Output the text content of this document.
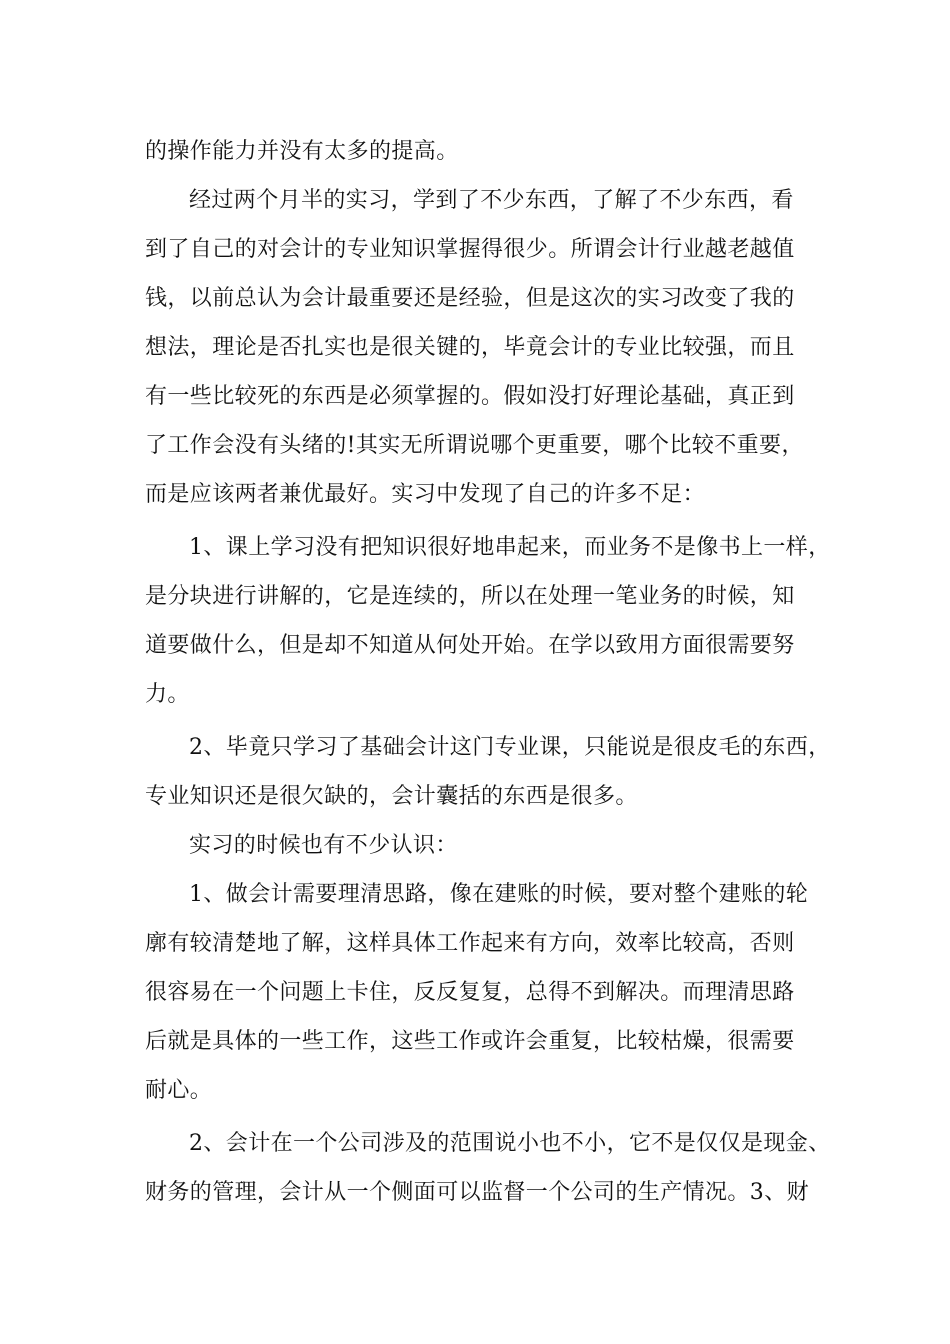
的操作能力并没有太多的提高。
经过两个月半的实习，学到了不少东西，了解了不少东西，看
到了自己的对会计的专业知识掌握得很少。所谓会计行业越老越值
钱，以前总认为会计最重要还是经验，但是这次的实习改变了我的
想法，理论是否扎实也是很关键的，毕竟会计的专业比较强，而且
有一些比较死的东西是必须掌握的。假如没打好理论基础，真正到
了工作会没有头绪的!其实无所谓说哪个更重要，哪个比较不重要，
而是应该两者兼优最好。实习中发现了自己的许多不足：
1、课上学习没有把知识很好地串起来，而业务不是像书上一样，
是分块进行讲解的，它是连续的，所以在处理一笔业务的时候，知
道要做什么，但是却不知道从何处开始。在学以致用方面很需要努
力。
2、毕竟只学习了基础会计这门专业课，只能说是很皮毛的东西，
专业知识还是很欠缺的，会计囊括的东西是很多。
实习的时候也有不少认识：
1、做会计需要理清思路，像在建账的时候，要对整个建账的轮
廓有较清楚地了解，这样具体工作起来有方向，效率比较高，否则
很容易在一个问题上卡住，反反复复，总得不到解决。而理清思路
后就是具体的一些工作，这些工作或许会重复，比较枯燥，很需要
耐心。
2、会计在一个公司涉及的范围说小也不小，它不是仅仅是现金、
财务的管理，会计从一个侧面可以监督一个公司的生产情况。3、财
